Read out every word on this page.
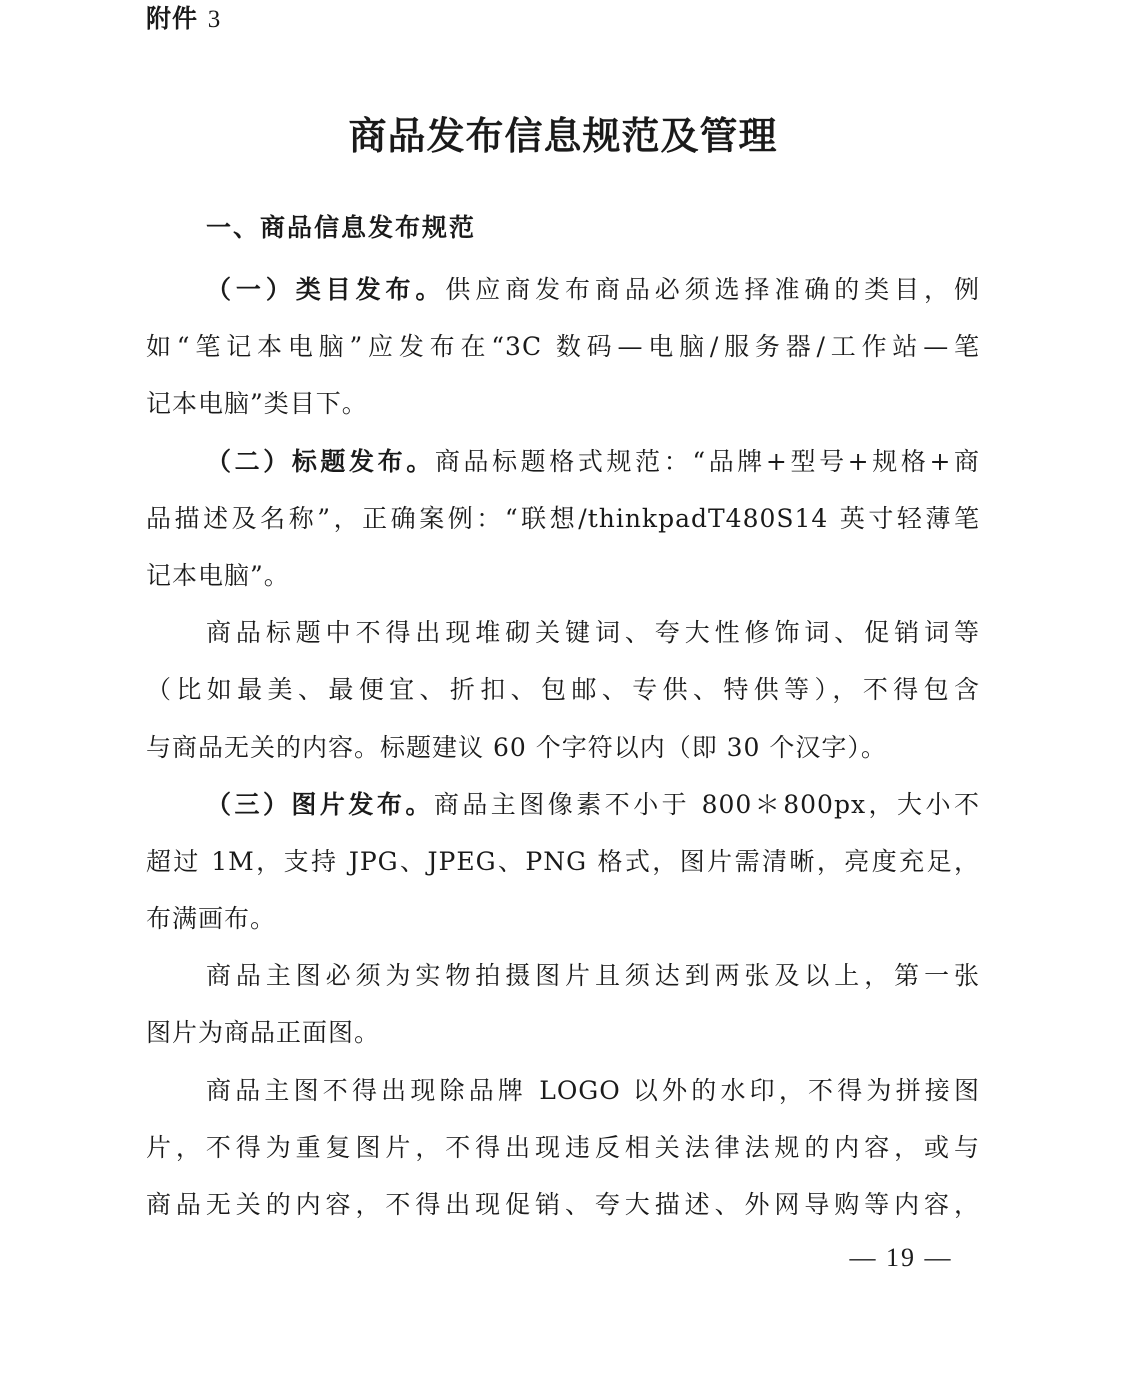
附件 3
商品发布信息规范及管理
一、商品信息发布规范
（一）类目发布。供应商发布商品必须选择准确的类目，例
如“笔记本电脑”应发布在“3C 数码—电脑/服务器/工作站—笔
记本电脑”类目下。
（二）标题发布。商品标题格式规范：“品牌+型号+规格+商
品描述及名称”，正确案例：“联想/thinkpadT480S14 英寸轻薄笔
记本电脑”。
商品标题中不得出现堆砌关键词、夸大性修饰词、促销词等
（比如最美、最便宜、折扣、包邮、专供、特供等），不得包含
与商品无关的内容。标题建议 60 个字符以内（即 30 个汉字）。
（三）图片发布。商品主图像素不小于 800＊800px，大小不
超过 1M，支持 JPG、JPEG、PNG 格式，图片需清晰，亮度充足，
布满画布。
商品主图必须为实物拍摄图片且须达到两张及以上，第一张
图片为商品正面图。
商品主图不得出现除品牌 LOGO 以外的水印，不得为拼接图
片，不得为重复图片，不得出现违反相关法律法规的内容，或与
商品无关的内容，不得出现促销、夸大描述、外网导购等内容，
— 19 —
